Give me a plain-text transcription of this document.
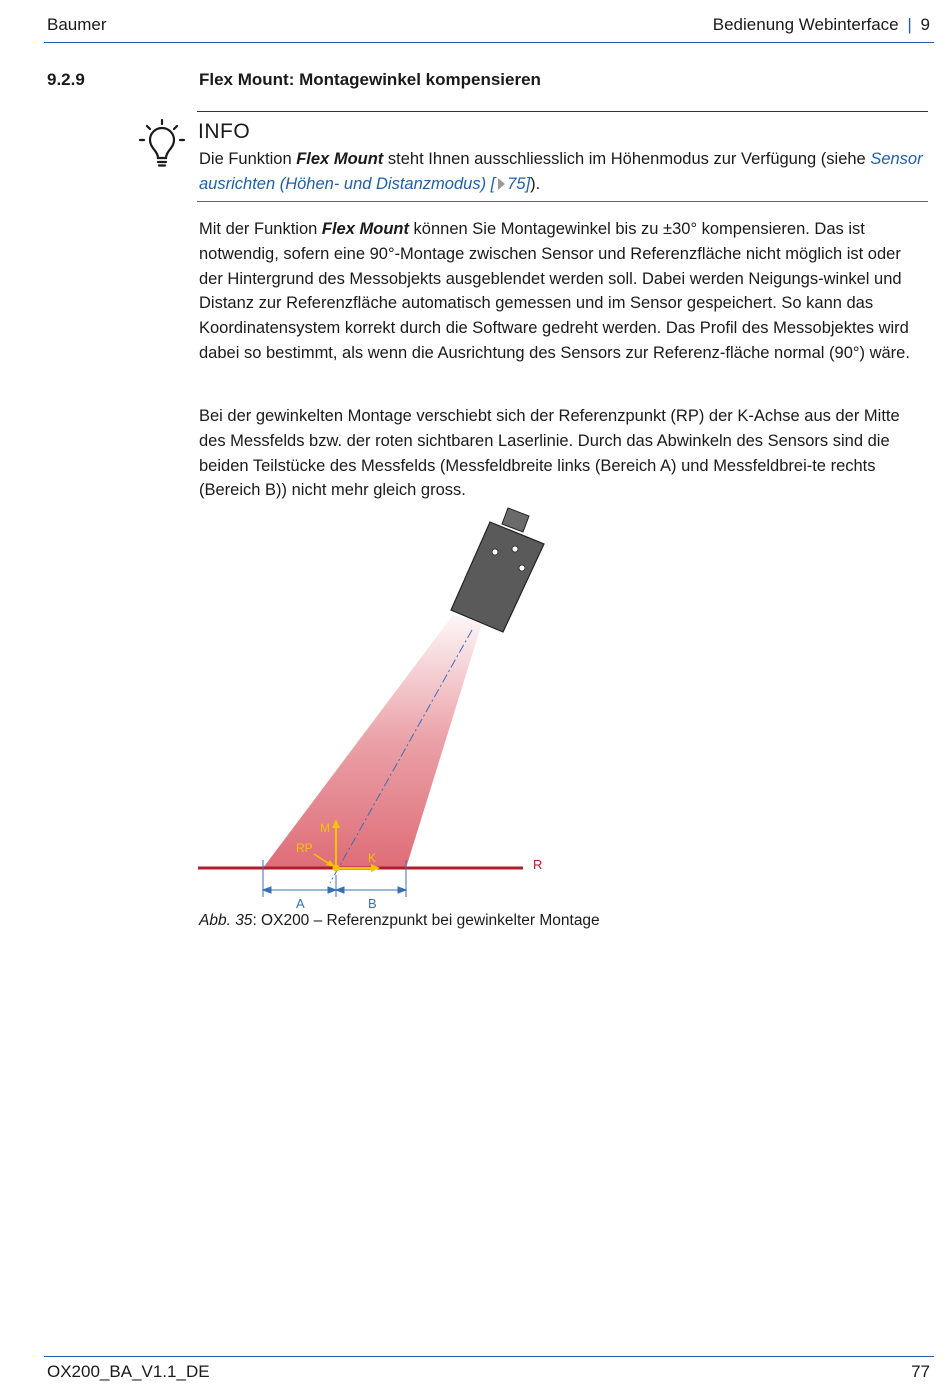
Baumer	Bedienung Webinterface | 9
9.2.9	Flex Mount: Montagewinkel kompensieren
INFO
Die Funktion Flex Mount steht Ihnen ausschliesslich im Höhenmodus zur Verfügung (siehe Sensor ausrichten (Höhen- und Distanzmodus) [ 75]).
Mit der Funktion Flex Mount können Sie Montagewinkel bis zu ±30° kompensieren. Das ist notwendig, sofern eine 90°-Montage zwischen Sensor und Referenzfläche nicht möglich ist oder der Hintergrund des Messobjekts ausgeblendet werden soll. Dabei werden Neigungs-winkel und Distanz zur Referenzfläche automatisch gemessen und im Sensor gespeichert. So kann das Koordinatensystem korrekt durch die Software gedreht werden. Das Profil des Messobjektes wird dabei so bestimmt, als wenn die Ausrichtung des Sensors zur Referenz-fläche normal (90°) wäre.
Bei der gewinkelten Montage verschiebt sich der Referenzpunkt (RP) der K-Achse aus der Mitte des Messfelds bzw. der roten sichtbaren Laserlinie. Durch das Abwinkeln des Sensors sind die beiden Teilstücke des Messfelds (Messfeldbreite links (Bereich A) und Messfeldbrei-te rechts (Bereich B)) nicht mehr gleich gross.
R
M
K
RP
A	B
Abb. 35: OX200 – Referenzpunkt bei gewinkelter Montage
OX200_BA_V1.1_DE	77
